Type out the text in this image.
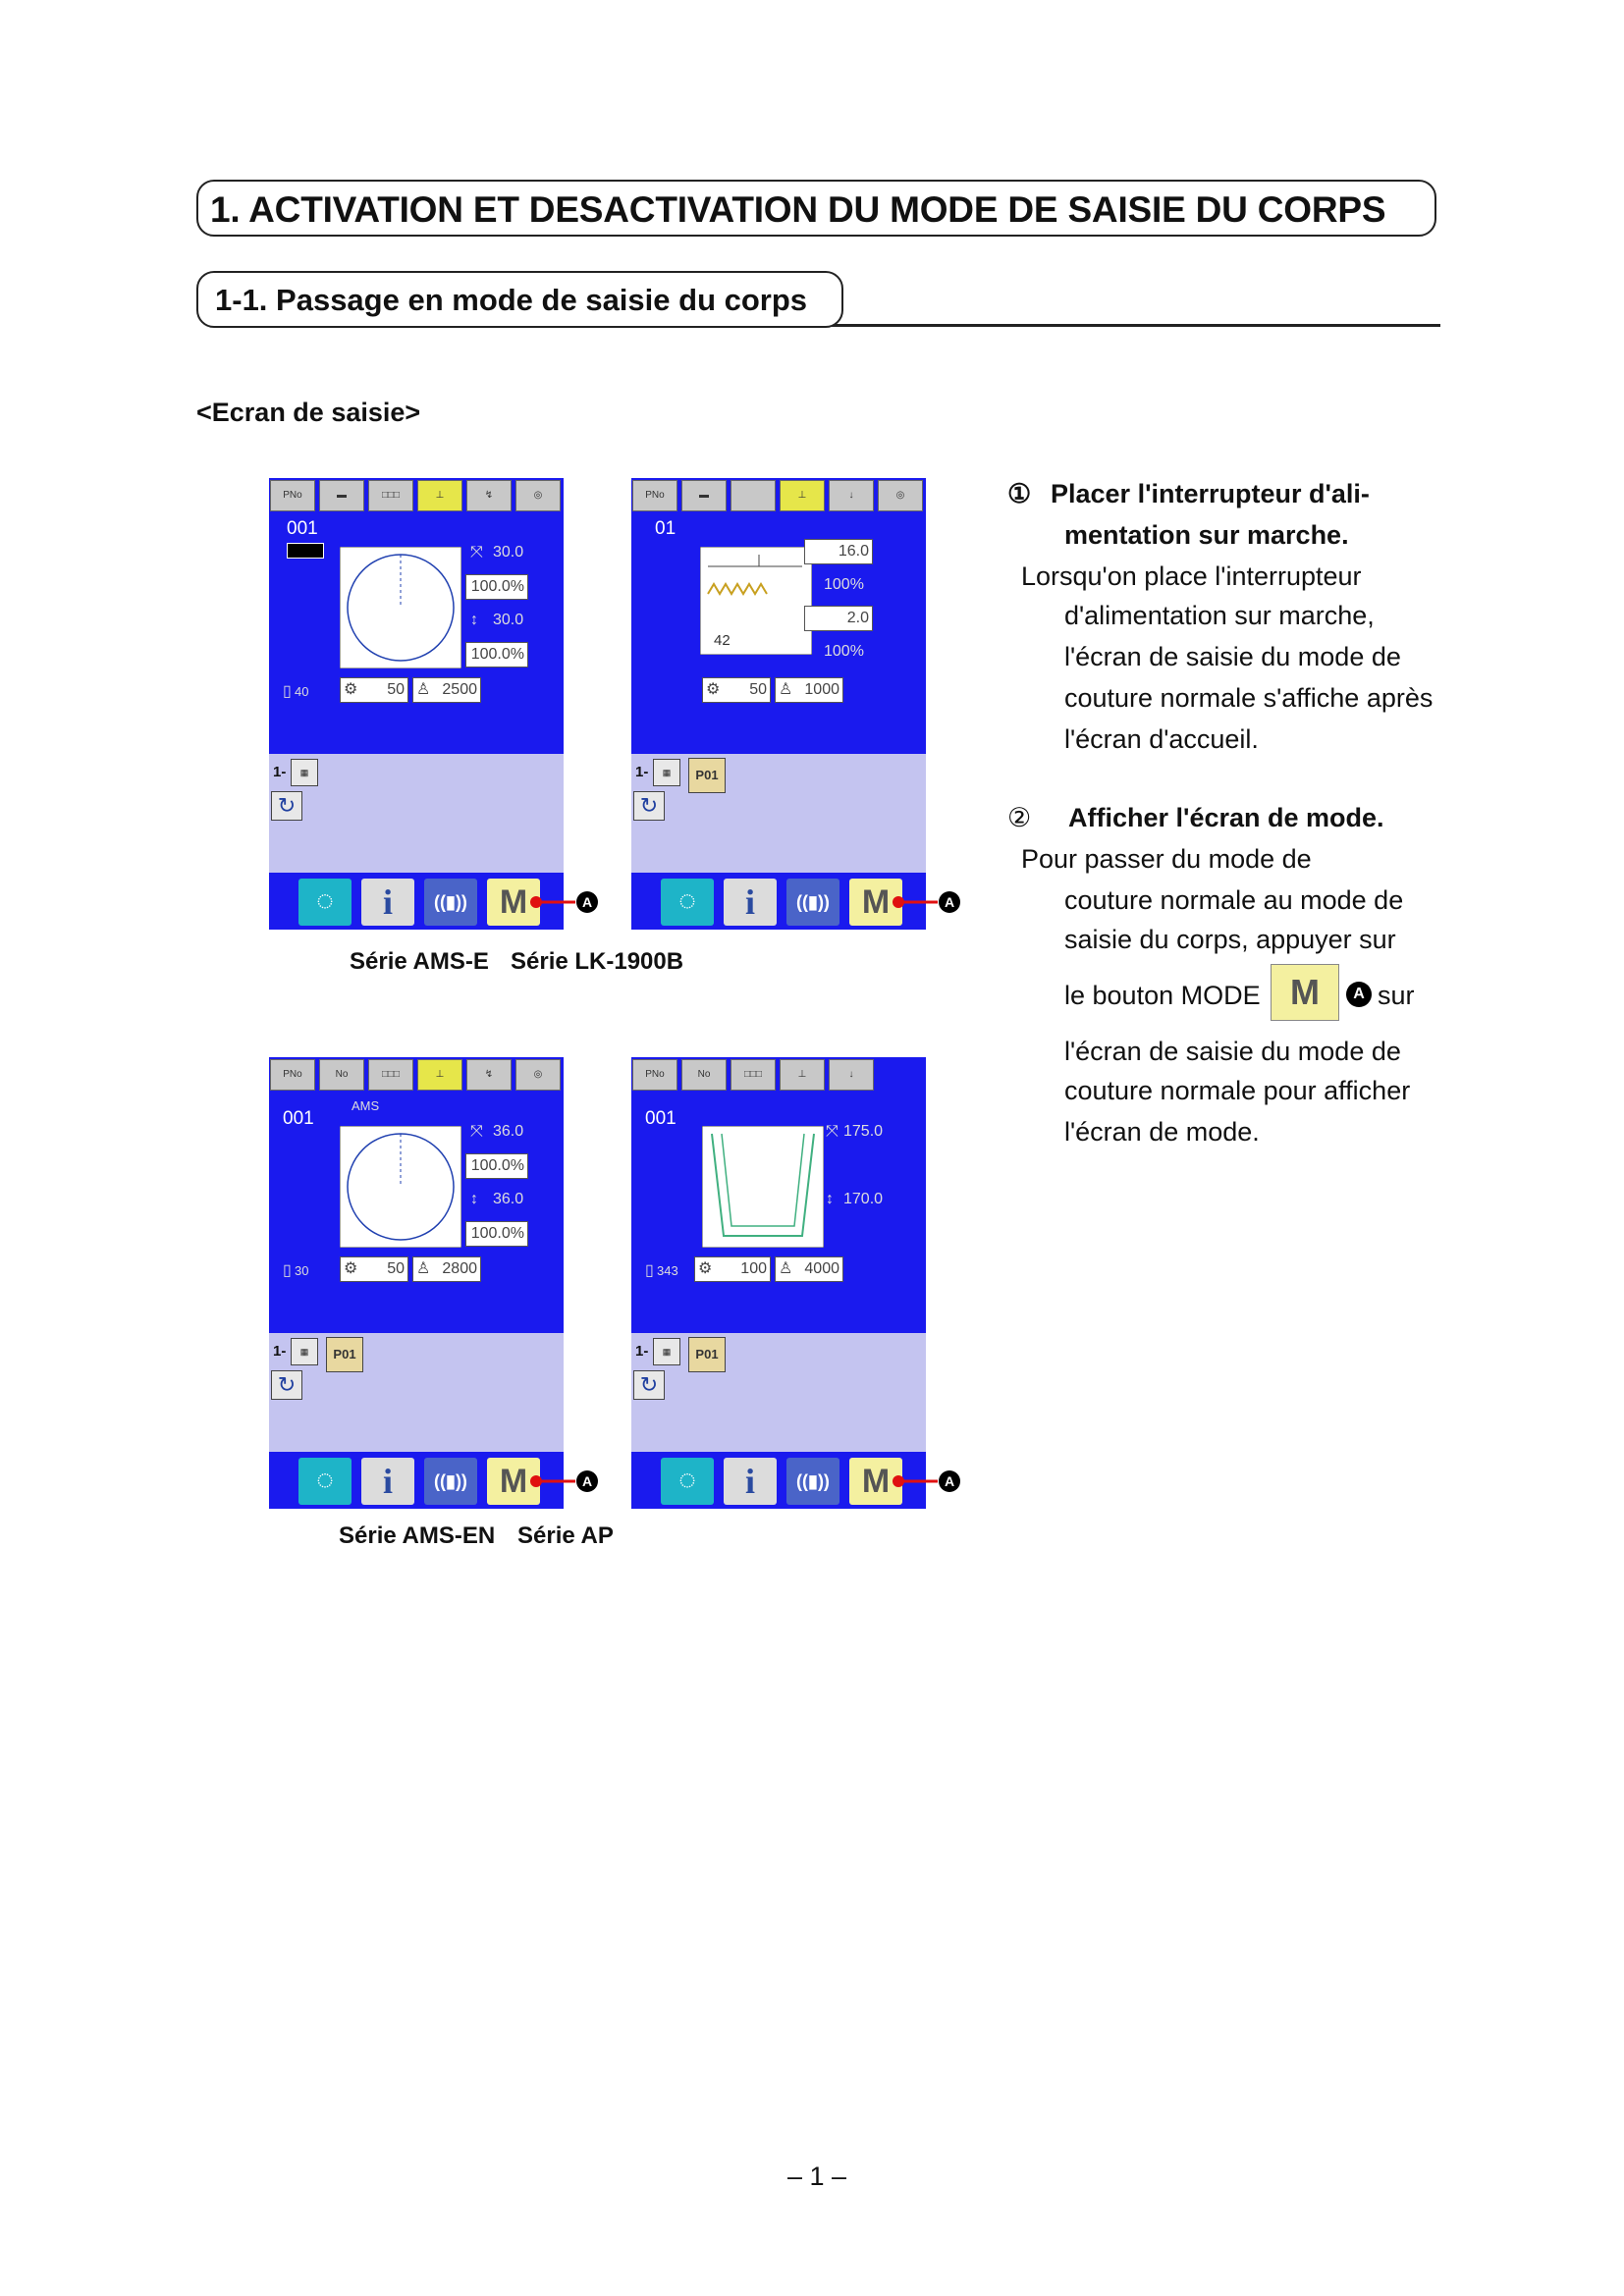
1. ACTIVATION ET DESACTIVATION DU MODE DE SAISIE DU CORPS
1-1. Passage en mode de saisie du corps
<Ecran de saisie>
PNo	▬	□□□	⊥	↯	◎
001
⤧ 30.0
100.0%
↕ 30.0
100.0%
▯ 40 ⚙ 50 ♙ 2500
▦
1-
↻
◌	i	((▮)) M	A
PNo	▬	⊥	↓	◎
01
16.0
100%
2.0
100%
42
⚙ 50 ♙ 1000
▦
1-	P01
↻
◌	i	((▮)) M	A
Série AMS-E Série LK-1900B
PNo	No	□□□	⊥	↯	◎
001
AMS
⤧ 36.0
100.0%
↕ 36.0
100.0%
▯ 30 ⚙ 50 ♙ 2800
▦
1-	P01
↻
◌	i	((▮)) M	A
PNo	No	□□□	⊥	↓
001
⤧ 175.0
↕ 170.0
▯ 343 ⚙ 100 ♙ 4000
▦
1-	P01
↻
◌	i	((▮)) M	A
Série AMS-EN Série AP
① Placer l'interrupteur d'ali-
mentation sur marche.
Lorsqu'on place l'interrupteur
d'alimentation sur marche,
l'écran de saisie du mode de
couture normale s'affiche après
l'écran d'accueil.
② Afficher l'écran de mode.
Pour passer du mode de
couture normale au mode de
saisie du corps, appuyer sur
le bouton MODE M	A sur
l'écran de saisie du mode de
couture normale pour afficher
l'écran de mode.
– 1 –
